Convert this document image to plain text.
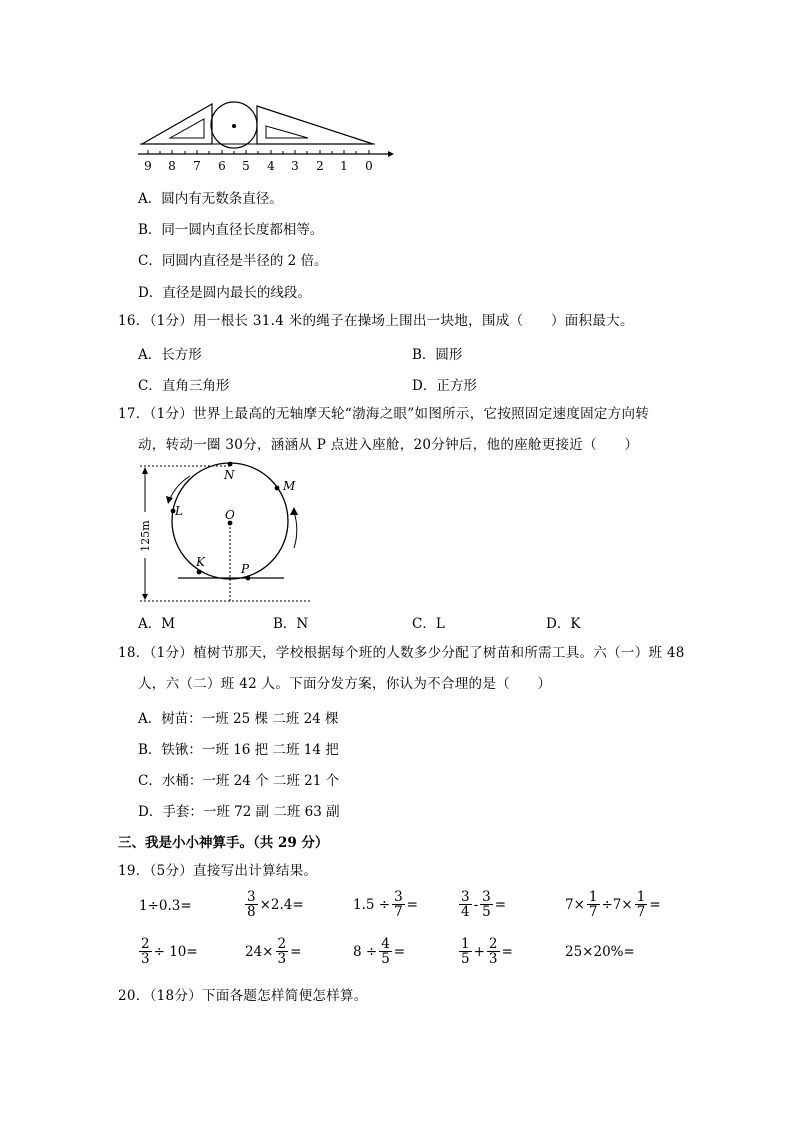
9 8 7 6 5 4 3 2 1 0
A．圆内有无数条直径。
B．同一圆内直径长度都相等。
C．同圆内直径是半径的 2 倍。
D．直径是圆内最长的线段。
16．（1分）用一根长 31.4 米的绳子在操场上围出一块地，围成（　　）面积最大。
A．长方形	B．圆形
C．直角三角形	D．正方形
17．（1分）世界上最高的无轴摩天轮“渤海之眼”如图所示，它按照固定速度固定方向转
动，转动一圈 30分，涵涵从 P 点进入座舱，20分钟后，他的座舱更接近（　　）
125m
N
M
L	O
K	P
A．M	B．N	C．L	D．K
18．（1分）植树节那天，学校根据每个班的人数多少分配了树苗和所需工具。六（一）班 48
人，六（二）班 42 人。下面分发方案，你认为不合理的是（　　）
A．树苗：一班 25 棵 二班 24 棵
B．铁锹：一班 16 把 二班 14 把
C．水桶：一班 24 个 二班 21 个
D．手套：一班 72 副 二班 63 副
三、我是小小神算手。（共 29 分）
19．（5分）直接写出计算结果。
1÷0.3=	$\frac{3}{8} \times 2.4=$	$1.5 \div \frac{3}{7}$ =	$\frac{3}{4} - \frac{3}{5}$ =	$7\times \frac{1}{7} \div 7\times \frac{1}{7}$ =
$\frac{2}{3} \div 10=$	$24\times \frac{2}{3}$ =	$8 \div \frac{4}{5}$ =	$\frac{1}{5} + \frac{2}{3}$ =	25×20%=
20．（18分）下面各题怎样简便怎样算。
